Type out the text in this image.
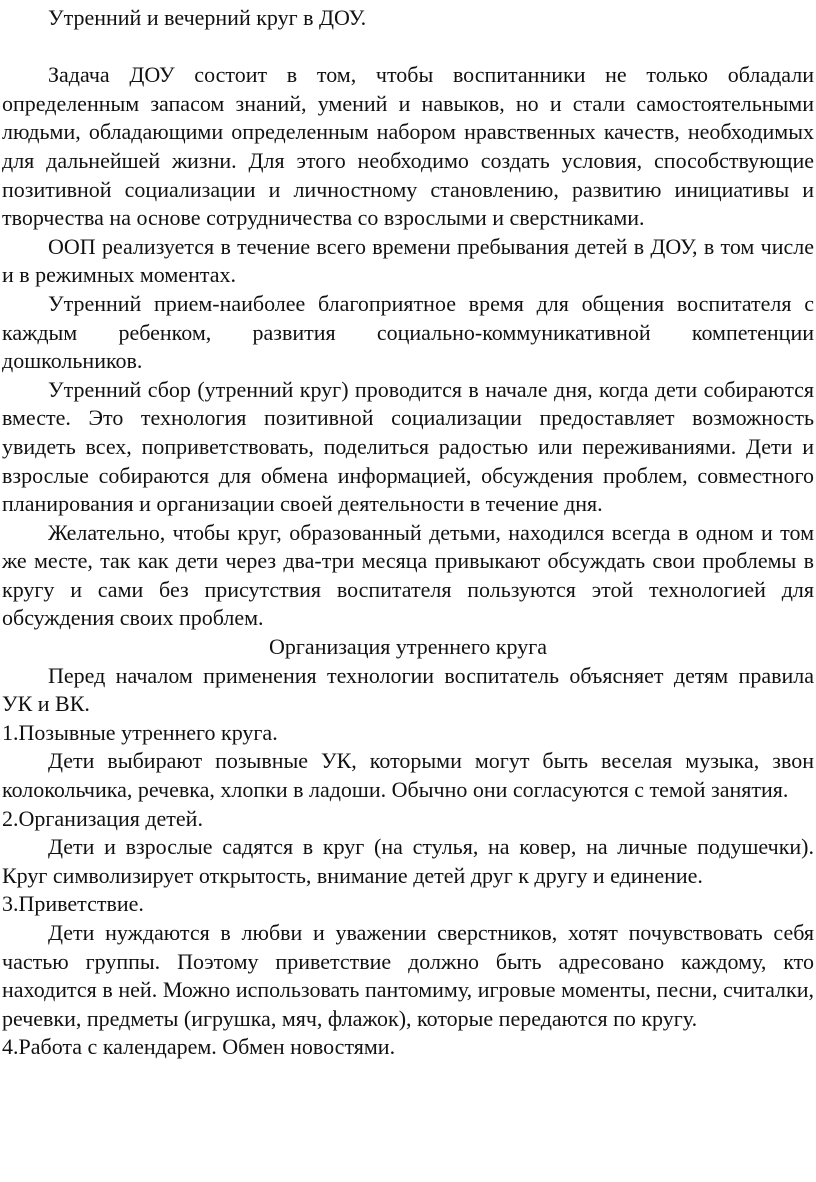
Утренний и вечерний круг в ДОУ.

Задача ДОУ состоит в том, чтобы воспитанники не только обладали определенным запасом знаний, умений и навыков, но и стали самостоятельными людьми, обладающими определенным набором нравственных качеств, необходимых для дальнейшей жизни. Для этого необходимо создать условия, способствующие позитивной социализации и личностному становлению, развитию инициативы и творчества на основе сотрудничества со взрослыми и сверстниками.

ООП реализуется в течение всего времени пребывания детей в ДОУ, в том числе и в режимных моментах.

Утренний прием-наиболее благоприятное время для общения воспитателя с каждым ребенком, развития социально-коммуникативной компетенции дошкольников.

Утренний сбор (утренний круг) проводится в начале дня, когда дети собираются вместе. Это технология позитивной социализации предоставляет возможность увидеть всех, поприветствовать, поделиться радостью или переживаниями. Дети и взрослые собираются для обмена информацией, обсуждения проблем, совместного планирования и организации своей деятельности в течение дня.

Желательно, чтобы круг, образованный детьми, находился всегда в одном и том же месте, так как дети через два-три месяца привыкают обсуждать свои проблемы в кругу и сами без присутствия воспитателя пользуются этой технологией для обсуждения своих проблем.

Организация утреннего круга

Перед началом применения технологии воспитатель объясняет детям правила УК и ВК.

1.Позывные утреннего круга.

Дети выбирают позывные УК, которыми могут быть веселая музыка, звон колокольчика, речевка, хлопки в ладоши. Обычно они согласуются с темой занятия.

2.Организация детей.

Дети и взрослые садятся в круг (на стулья, на ковер, на личные подушечки). Круг символизирует открытость, внимание детей друг к другу и единение.

3.Приветствие.

Дети нуждаются в любви и уважении сверстников, хотят почувствовать себя частью группы. Поэтому приветствие должно быть адресовано каждому, кто находится в ней. Можно использовать пантомиму, игровые моменты, песни, считалки, речевки, предметы (игрушка, мяч, флажок), которые передаются по кругу.

4.Работа с календарем. Обмен новостями.
